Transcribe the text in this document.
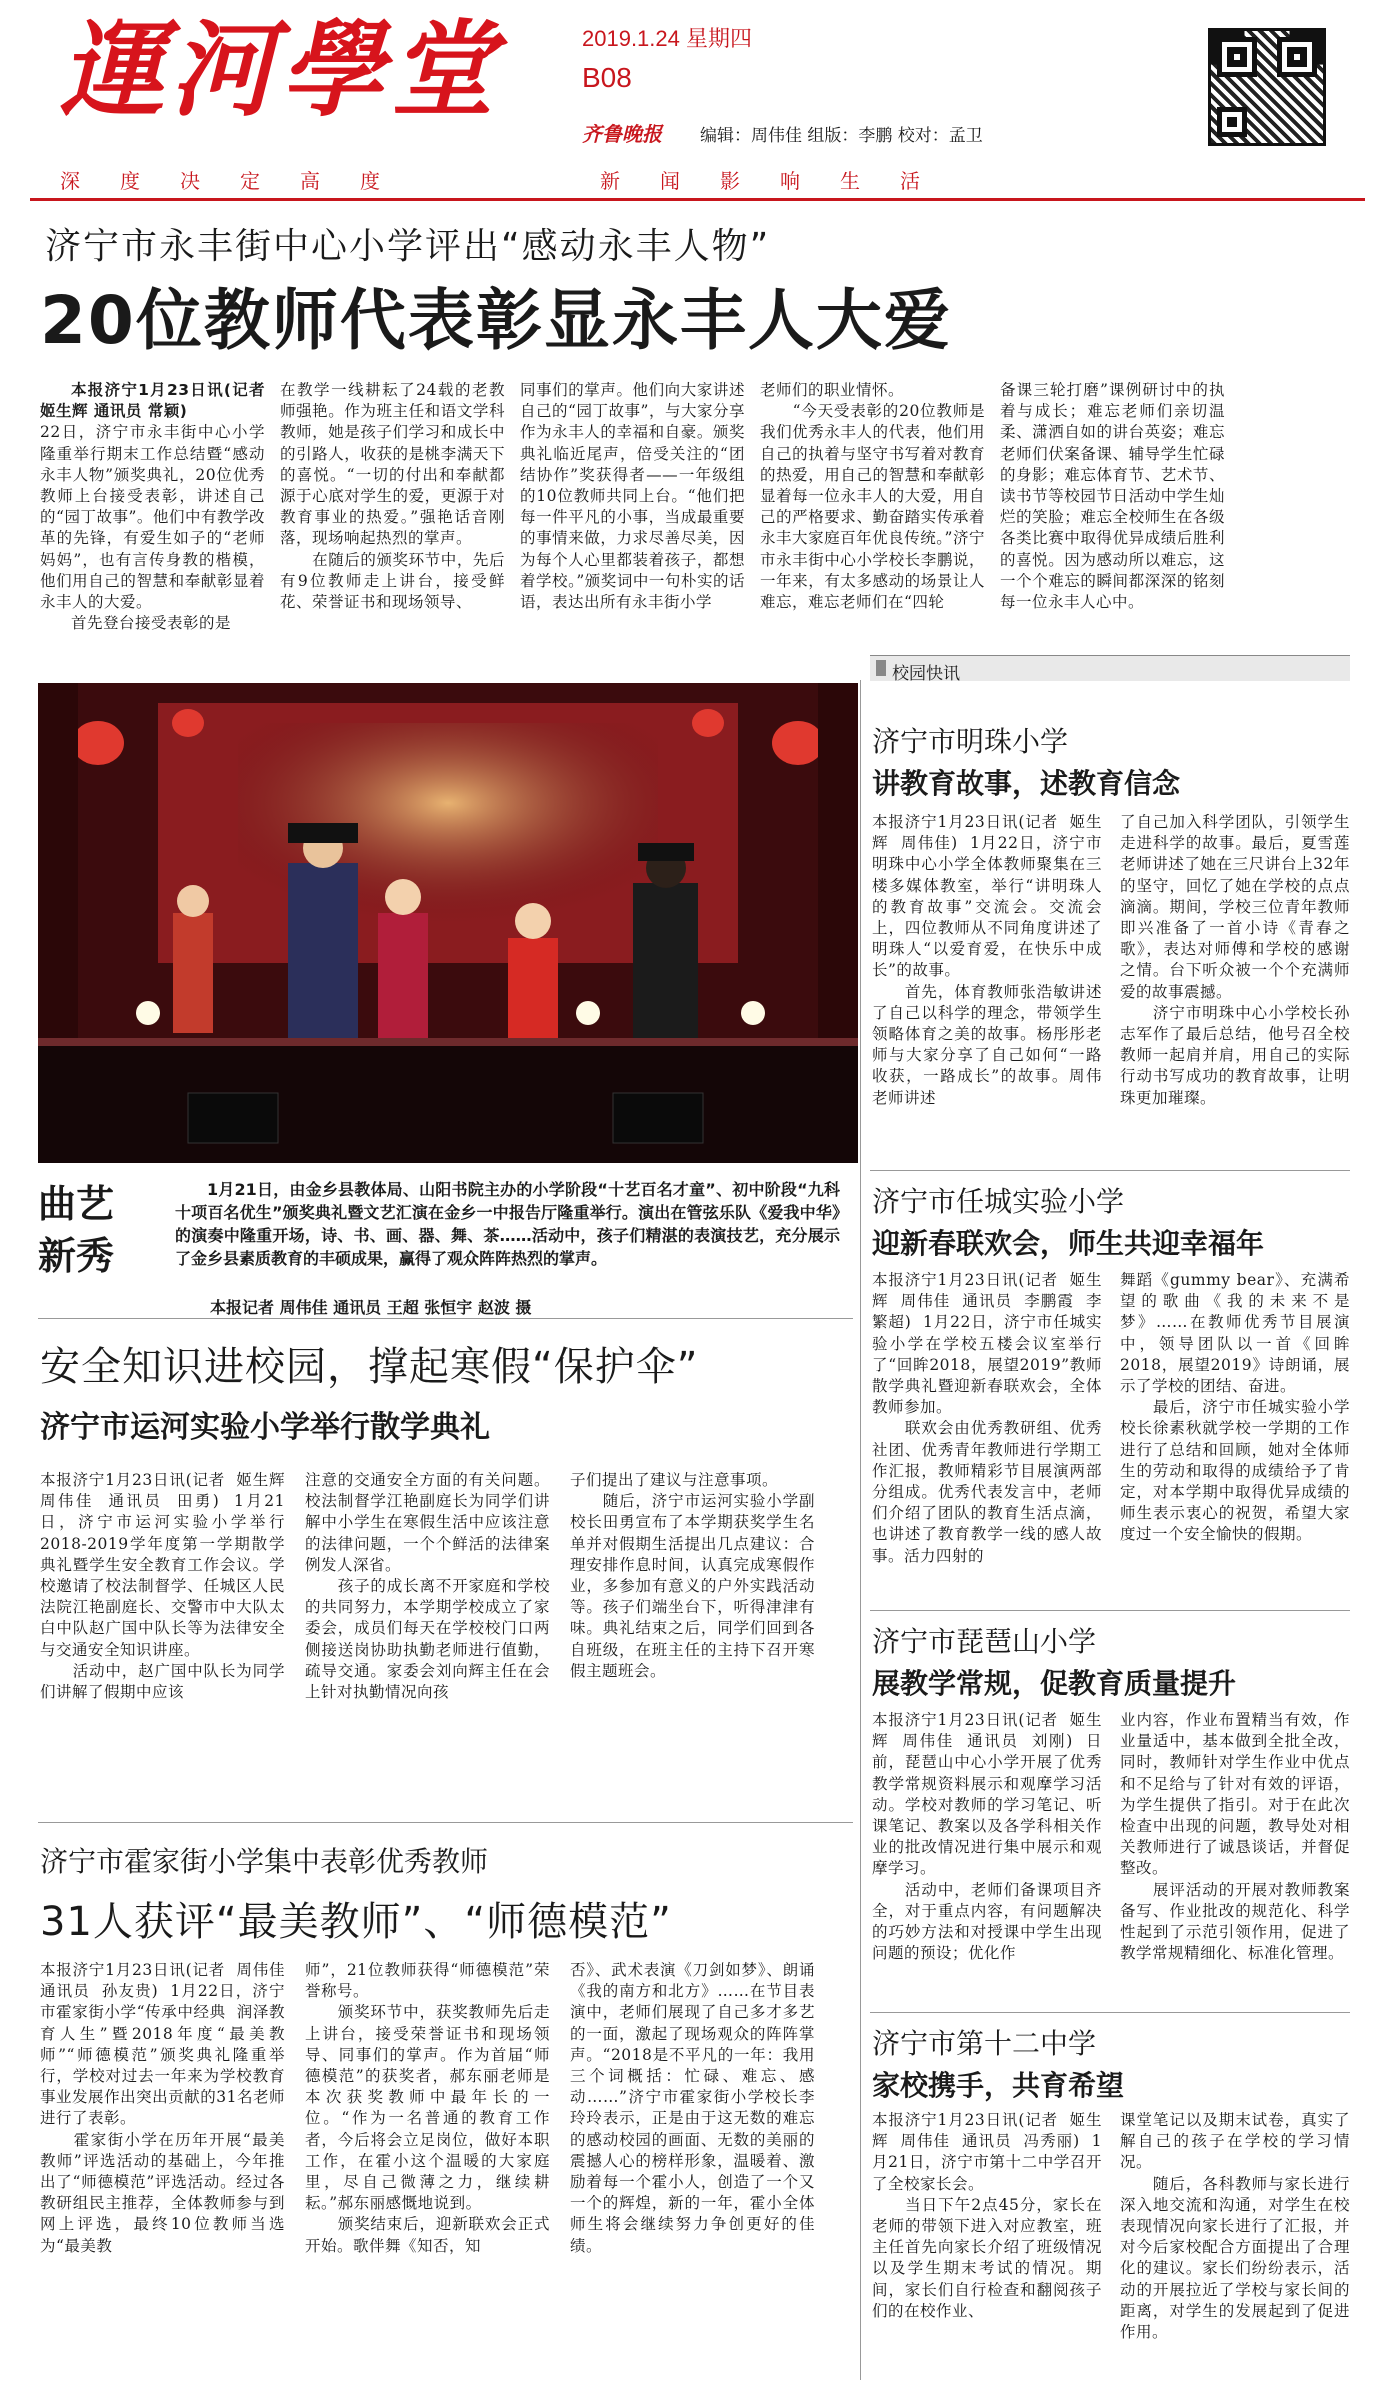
運河學堂	2019.1.24 星期四
B08
齐鲁晚报 编辑：周伟佳 组版：李鹏 校对：孟卫
深度决定高度	新闻影响生活
济宁市永丰街中心小学评出“感动永丰人物”
20位教师代表彰显永丰人大爱
本报济宁1月23日讯(记者 姬生辉 通讯员 常颖)
22日，济宁市永丰街中心小学隆重举行期末工作总结暨“感动永丰人物”颁奖典礼，20位优秀教师上台接受表彰，讲述自己的“园丁故事”。他们中有教学改革的先锋，有爱生如子的“老师妈妈”，也有言传身教的楷模，他们用自己的智慧和奉献彰显着永丰人的大爱。

首先登台接受表彰的是

在教学一线耕耘了24载的老教师强艳。作为班主任和语文学科教师，她是孩子们学习和成长中的引路人，收获的是桃李满天下的喜悦。“一切的付出和奉献都源于心底对学生的爱，更源于对教育事业的热爱。”强艳话音刚落，现场响起热烈的掌声。
　　在随后的颁奖环节中，先后有9位教师走上讲台，接受鲜花、荣誉证书和现场领导、
同事们的掌声。他们向大家讲述自己的“园丁故事”，与大家分享作为永丰人的幸福和自豪。颁奖典礼临近尾声，倍受关注的“团结协作”奖获得者——一年级组的10位教师共同上台。“他们把每一件平凡的小事，当成最重要的事情来做，力求尽善尽美，因为每个人心里都装着孩子，都想着学校。”颁奖词中一句朴实的话语，表达出所有永丰街小学
老师们的职业情怀。
　　“今天受表彰的20位教师是我们优秀永丰人的代表，他们用自己的执着与坚守书写着对教育的热爱，用自己的智慧和奉献彰显着每一位永丰人的大爱，用自己的严格要求、勤奋踏实传承着永丰大家庭百年优良传统。”济宁市永丰街中心小学校长李鹏说，一年来，有太多感动的场景让人难忘，难忘老师们在“四轮
备课三轮打磨”课例研讨中的执着与成长；难忘老师们亲切温柔、潇洒自如的讲台英姿；难忘老师们伏案备课、辅导学生忙碌的身影；难忘体育节、艺术节、读书节等校园节日活动中学生灿烂的笑脸；难忘全校师生在各级各类比赛中取得优异成绩后胜利的喜悦。因为感动所以难忘，这一个个难忘的瞬间都深深的铭刻每一位永丰人心中。
曲艺新秀
1月21日，由金乡县教体局、山阳书院主办的小学阶段“十艺百名才童”、初中阶段“九科十项百名优生”颁奖典礼暨文艺汇演在金乡一中报告厅隆重举行。演出在管弦乐队《爱我中华》的演奏中隆重开场，诗、书、画、器、舞、茶……活动中，孩子们精湛的表演技艺，充分展示了金乡县素质教育的丰硕成果，赢得了观众阵阵热烈的掌声。
本报记者 周伟佳 通讯员 王超 张恒宇 赵波 摄
校园快讯
济宁市明珠小学
讲教育故事，述教育信念
本报济宁1月23日讯(记者  姬生辉  周伟佳)  1月22日，济宁市明珠中心小学全体教师聚集在三楼多媒体教室，举行“讲明珠人的教育故事”交流会。交流会上，四位教师从不同角度讲述了明珠人“以爱育爱，在快乐中成长”的故事。
　　首先，体育教师张浩敏讲述了自己以科学的理念，带领学生领略体育之美的故事。杨彤彤老师与大家分享了自己如何“一路收获，一路成长”的故事。周伟老师讲述
了自己加入科学团队，引领学生走进科学的故事。最后，夏雪莲老师讲述了她在三尺讲台上32年的坚守，回忆了她在学校的点点滴滴。期间，学校三位青年教师即兴准备了一首小诗《青春之歌》，表达对师傅和学校的感谢之情。台下听众被一个个充满师爱的故事震撼。
　　济宁市明珠中心小学校长孙志军作了最后总结，他号召全校教师一起肩并肩，用自己的实际行动书写成功的教育故事，让明珠更加璀璨。
济宁市任城实验小学
迎新春联欢会，师生共迎幸福年
本报济宁1月23日讯(记者  姬生辉  周伟佳  通讯员  李鹏霞  李繁超)  1月22日，济宁市任城实验小学在学校五楼会议室举行了“回眸2018，展望2019”教师散学典礼暨迎新春联欢会，全体教师参加。
　　联欢会由优秀教研组、优秀社团、优秀青年教师进行学期工作汇报，教师精彩节目展演两部分组成。优秀代表发言中，老师们介绍了团队的教育生活点滴，也讲述了教育教学一线的感人故事。活力四射的
舞蹈《gummy bear》、充满希望的歌曲《我的未来不是梦》……在教师优秀节目展演中，领导团队以一首《回眸2018，展望2019》诗朗诵，展示了学校的团结、奋进。
　　最后，济宁市任城实验小学校长徐素秋就学校一学期的工作进行了总结和回顾，她对全体师生的劳动和取得的成绩给予了肯定，对本学期中取得优异成绩的师生表示衷心的祝贺，希望大家度过一个安全愉快的假期。
济宁市琵琶山小学
展教学常规，促教育质量提升
本报济宁1月23日讯(记者  姬生辉  周伟佳  通讯员  刘刚)  日前，琵琶山中心小学开展了优秀教学常规资料展示和观摩学习活动。学校对教师的学习笔记、听课笔记、教案以及各学科相关作业的批改情况进行集中展示和观摩学习。
　　活动中，老师们备课项目齐全，对于重点内容，有问题解决的巧妙方法和对授课中学生出现问题的预设；优化作
业内容，作业布置精当有效，作业量适中，基本做到全批全改，同时，教师针对学生作业中优点和不足给与了针对有效的评语，为学生提供了指引。对于在此次检查中出现的问题，教导处对相关教师进行了诚恳谈话，并督促整改。
　　展评活动的开展对教师教案备写、作业批改的规范化、科学性起到了示范引领作用，促进了教学常规精细化、标准化管理。
济宁市第十二中学
家校携手，共育希望
本报济宁1月23日讯(记者  姬生辉  周伟佳  通讯员  冯秀丽)  1月21日，济宁市第十二中学召开了全校家长会。
　　当日下午2点45分，家长在老师的带领下进入对应教室，班主任首先向家长介绍了班级情况以及学生期末考试的情况。期间，家长们自行检查和翻阅孩子们的在校作业、
课堂笔记以及期末试卷，真实了解自己的孩子在学校的学习情况。
　　随后，各科教师与家长进行深入地交流和沟通，对学生在校表现情况向家长进行了汇报，并对今后家校配合方面提出了合理化的建议。家长们纷纷表示，活动的开展拉近了学校与家长间的距离，对学生的发展起到了促进作用。
安全知识进校园，撑起寒假“保护伞”
济宁市运河实验小学举行散学典礼
本报济宁1月23日讯(记者  姬生辉  周伟佳  通讯员  田勇)  1月21日，济宁市运河实验小学举行2018-2019学年度第一学期散学典礼暨学生安全教育工作会议。学校邀请了校法制督学、任城区人民法院江艳副庭长、交警市中大队太白中队赵广国中队长等为法律安全与交通安全知识讲座。
　　活动中，赵广国中队长为同学们讲解了假期中应该
注意的交通安全方面的有关问题。校法制督学江艳副庭长为同学们讲解中小学生在寒假生活中应该注意的法律问题，一个个鲜活的法律案例发人深省。
　　孩子的成长离不开家庭和学校的共同努力，本学期学校成立了家委会，成员们每天在学校校门口两侧接送岗协助执勤老师进行值勤，疏导交通。家委会刘向辉主任在会上针对执勤情况向孩
子们提出了建议与注意事项。
　　随后，济宁市运河实验小学副校长田勇宣布了本学期获奖学生名单并对假期生活提出几点建议：合理安排作息时间，认真完成寒假作业，多参加有意义的户外实践活动等。孩子们端坐台下，听得津津有味。典礼结束之后，同学们回到各自班级，在班主任的主持下召开寒假主题班会。
济宁市霍家街小学集中表彰优秀教师
31人获评“最美教师”、“师德模范”
本报济宁1月23日讯(记者  周伟佳  通讯员  孙友贵)  1月22日，济宁市霍家街小学“传承中经典  润泽教育人生”暨2018年度“最美教师”“师德模范”颁奖典礼隆重举行，学校对过去一年来为学校教育事业发展作出突出贡献的31名老师进行了表彰。
　　霍家街小学在历年开展“最美教师”评选活动的基础上，今年推出了“师德模范”评选活动。经过各教研组民主推荐，全体教师参与到网上评选，最终10位教师当选为“最美教
师”，21位教师获得“师德模范”荣誉称号。
　　颁奖环节中，获奖教师先后走上讲台，接受荣誉证书和现场领导、同事们的掌声。作为首届“师德模范”的获奖者，郝东丽老师是本次获奖教师中最年长的一位。“作为一名普通的教育工作者，今后将会立足岗位，做好本职工作，在霍小这个温暖的大家庭里，尽自己微薄之力，继续耕耘。”郝东丽感慨地说到。
　　颁奖结束后，迎新联欢会正式开始。歌伴舞《知否，知
否》、武术表演《刀剑如梦》、朗诵《我的南方和北方》……在节目表演中，老师们展现了自己多才多艺的一面，激起了现场观众的阵阵掌声。“2018是不平凡的一年：我用三个词概括：忙碌、难忘、感动……”济宁市霍家街小学校长李玲玲表示，正是由于这无数的难忘的感动校园的画面、无数的美丽的震撼人心的榜样形象，温暖着、激励着每一个霍小人，创造了一个又一个的辉煌，新的一年，霍小全体师生将会继续努力争创更好的佳绩。
